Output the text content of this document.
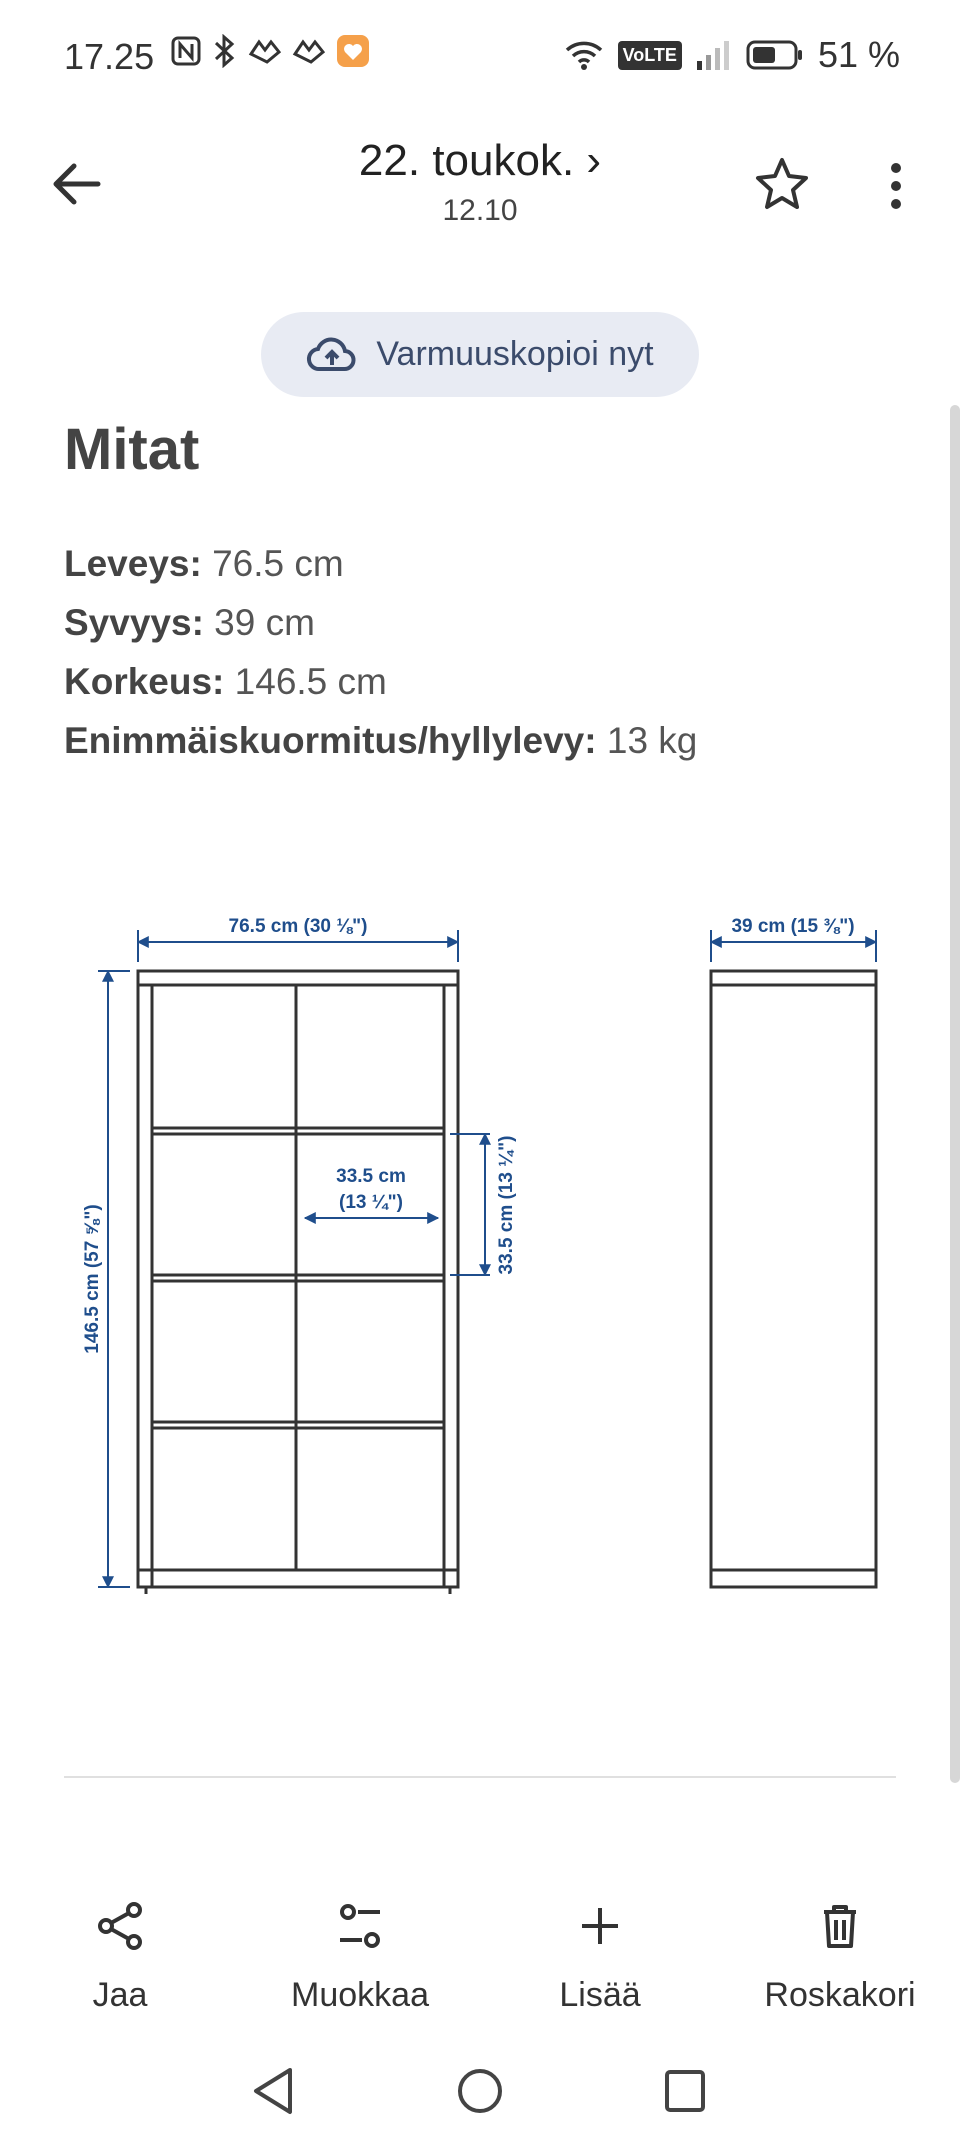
17.25	VoLTE	51 %
22. toukok. ›
12.10
Varmuuskopioi nyt
Mitat
Leveys: 76.5 cm
Syvyys: 39 cm
Korkeus: 146.5 cm
Enimmäiskuormitus/hyllylevy: 13 kg
76.5 cm (30 ⅛")
146.5 cm (57 ⅝")
33.5 cm
(13 ¼")	33.5 cm (13 ¼")
39 cm (15 ⅜")
Jaa	Muokkaa	Lisää	Roskakori
